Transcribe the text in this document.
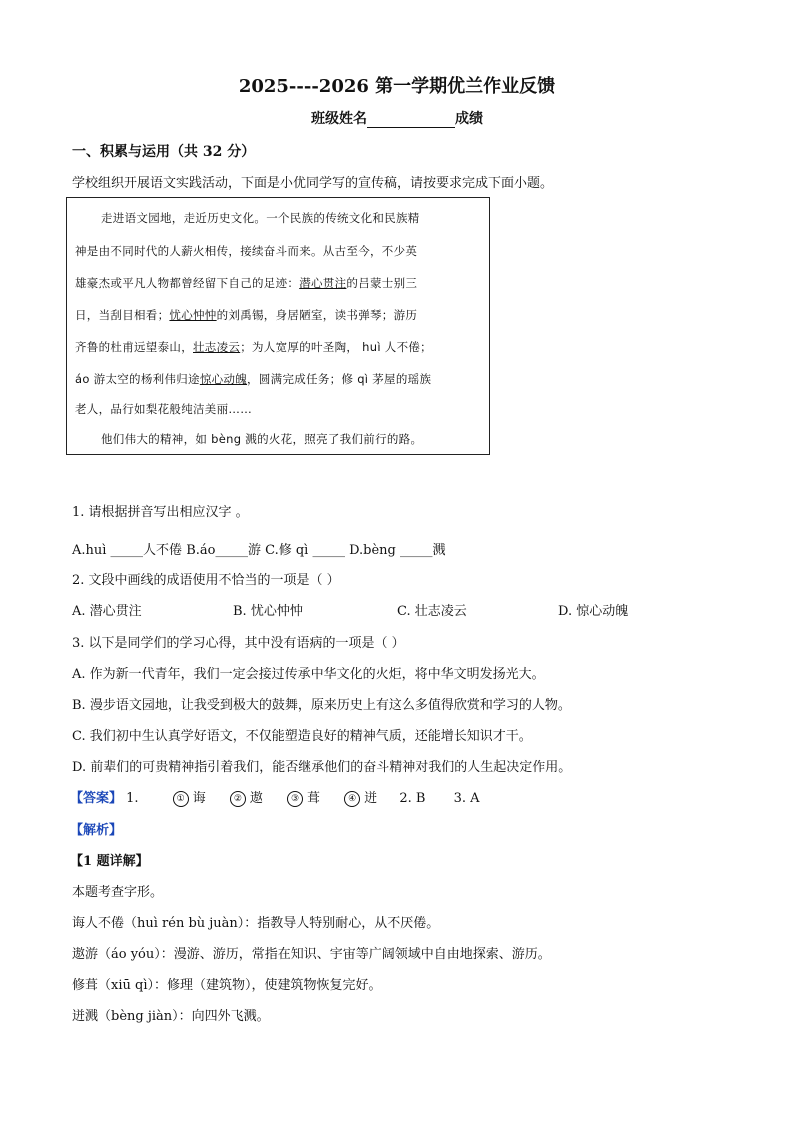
2025----2026 第一学期优兰作业反馈
班级姓名	成绩
一、积累与运用（共 32 分）
学校组织开展语文实践活动，下面是小优同学写的宣传稿，请按要求完成下面小题。
走进语文园地，走近历史文化。一个民族的传统文化和民族精
神是由不同时代的人薪火相传，接续奋斗而来。从古至今，不少英
雄豪杰或平凡人物都曾经留下自己的足迹：潜心贯注的吕蒙士别三
日，当刮目相看；忧心忡忡的刘禹锡，身居陋室，读书弹琴；游历
齐鲁的杜甫远望泰山，壮志凌云；为人宽厚的叶圣陶， huì 人不倦；
áo 游太空的杨利伟归途惊心动魄，圆满完成任务；修 qì 茅屋的瑶族
老人，品行如梨花般纯洁美丽……
他们伟大的精神，如 bèng 溅的火花，照亮了我们前行的路。
1. 请根据拼音写出相应汉字 。
A.huì _____人不倦 B.áo_____游 C.修 qì _____ D.bèng _____溅
2. 文段中画线的成语使用不恰当的一项是（ ）
A. 潜心贯注	B. 忧心忡忡	C. 壮志凌云	D. 惊心动魄
3. 以下是同学们的学习心得，其中没有语病的一项是（ ）
A. 作为新一代青年，我们一定会接过传承中华文化的火炬，将中华文明发扬光大。
B. 漫步语文园地，让我受到极大的鼓舞，原来历史上有这么多值得欣赏和学习的人物。
C. 我们初中生认真学好语文，不仅能塑造良好的精神气质，还能增长知识才干。
D. 前辈们的可贵精神指引着我们，能否继承他们的奋斗精神对我们的人生起决定作用。
【答案】 1.	① 诲	② 遨	③ 葺	④ 迸 2. B 3. A
【解析】
【1 题详解】
本题考查字形。
诲人不倦（huì rén bù juàn）：指教导人特别耐心，从不厌倦。
遨游（áo yóu）：漫游、游历，常指在知识、宇宙等广阔领域中自由地探索、游历。
修葺（xiū qì）：修理（建筑物），使建筑物恢复完好。
迸溅（bèng jiàn）：向四外飞溅。
